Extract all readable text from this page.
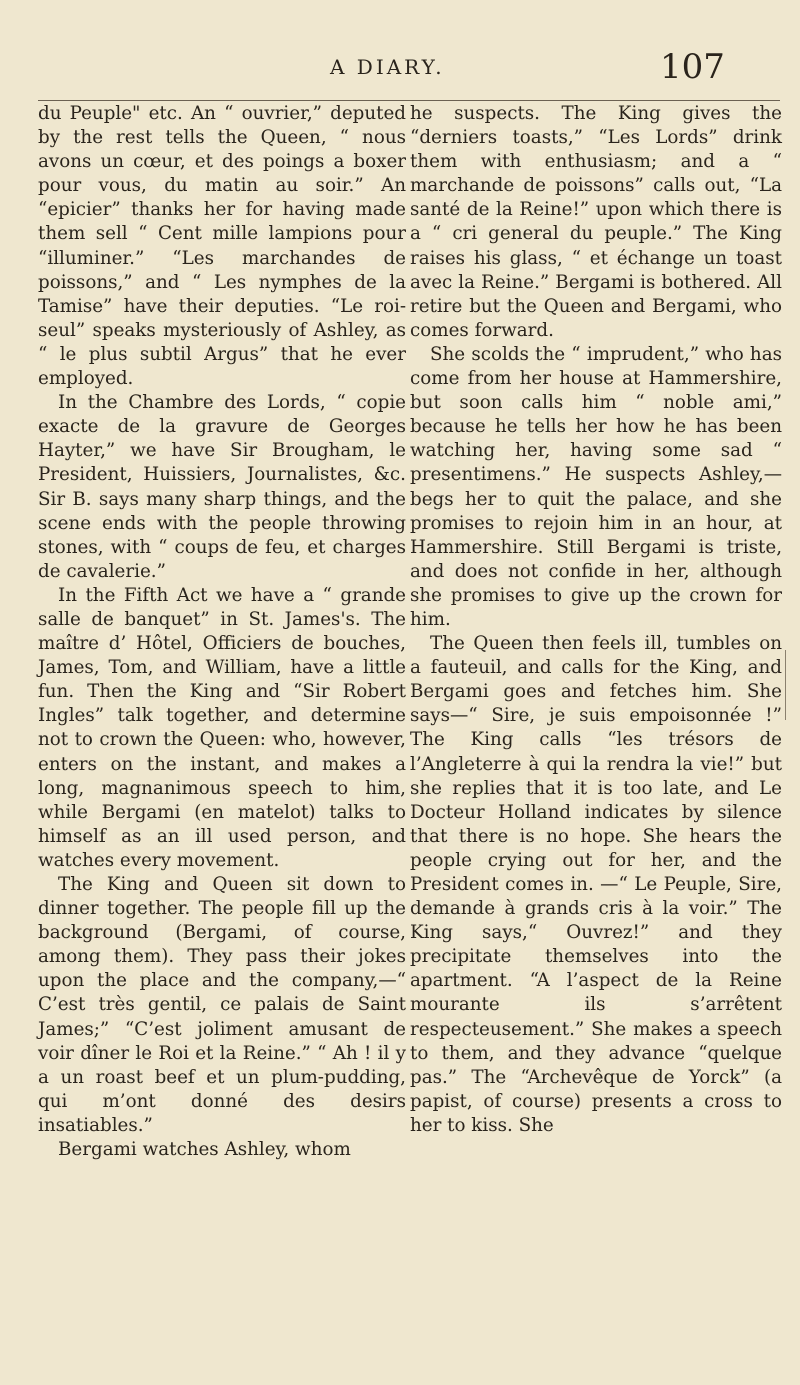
A DIARY.	107

du Peuple" etc. An “ ouvrier,” deputed by the rest tells the Queen, “ nous avons un cœur, et des poings a boxer pour vous, du matin au soir.” An “epicier” thanks her for having made them sell “ Cent mille lampions pour “illuminer.” “Les marchandes de poissons,” and “ Les nymphes de la Tamise” have their deputies. “Le roi-seul” speaks mysteriously of Ashley, as “ le plus subtil Argus” that he ever employed.

In the Chambre des Lords, “ copie exacte de la gravure de Georges Hayter,” we have Sir Brougham, le President, Huissiers, Journalistes, &c. Sir B. says many sharp things, and the scene ends with the people throwing stones, with “ coups de feu, et charges de cavalerie.”

In the Fifth Act we have a “ grande salle de banquet” in St. James's. The maître d’ Hôtel, Officiers de bouches, James, Tom, and William, have a little fun. Then the King and “Sir Robert Ingles” talk together, and determine not to crown the Queen: who, however, enters on the instant, and makes a long, magnanimous speech to him, while Bergami (en matelot) talks to himself as an ill used person, and watches every movement.

The King and Queen sit down to dinner together. The people fill up the background (Bergami, of course, among them). They pass their jokes upon the place and the company,—“ C’est très gentil, ce palais de Saint James;” “C’est joliment amusant de voir dîner le Roi et la Reine.” “ Ah ! il y a un roast beef et un plum-pudding, qui m’ont donné des desirs insatiables.”

Bergami watches Ashley, whom

he suspects. The King gives the “derniers toasts,” “Les Lords” drink them with enthusiasm; and a “ marchande de poissons” calls out, “La santé de la Reine!” upon which there is a “ cri general du peuple.” The King raises his glass, “ et échange un toast avec la Reine.” Bergami is bothered. All retire but the Queen and Bergami, who comes forward.

She scolds the “ imprudent,” who has come from her house at Hammershire, but soon calls him “ noble ami,” because he tells her how he has been watching her, having some sad “ presentimens.” He suspects Ashley,— begs her to quit the palace, and she promises to rejoin him in an hour, at Hammershire. Still Bergami is triste, and does not confide in her, although she promises to give up the crown for him.

The Queen then feels ill, tumbles on a fauteuil, and calls for the King, and Bergami goes and fetches him. She says—“ Sire, je suis empoisonnée !” The King calls “les trésors de l’Angleterre à qui la rendra la vie!” but she replies that it is too late, and Le Docteur Holland indicates by silence that there is no hope. She hears the people crying out for her, and the President comes in. —“ Le Peuple, Sire, demande à grands cris à la voir.” The King says,“ Ouvrez!” and they precipitate themselves into the apartment. “A l’aspect de la Reine mourante ils s’arrêtent respecteusement.” She makes a speech to them, and they advance “quelque pas.” The “Archevêque de Yorck” (a papist, of course) presents a cross to her to kiss. She
